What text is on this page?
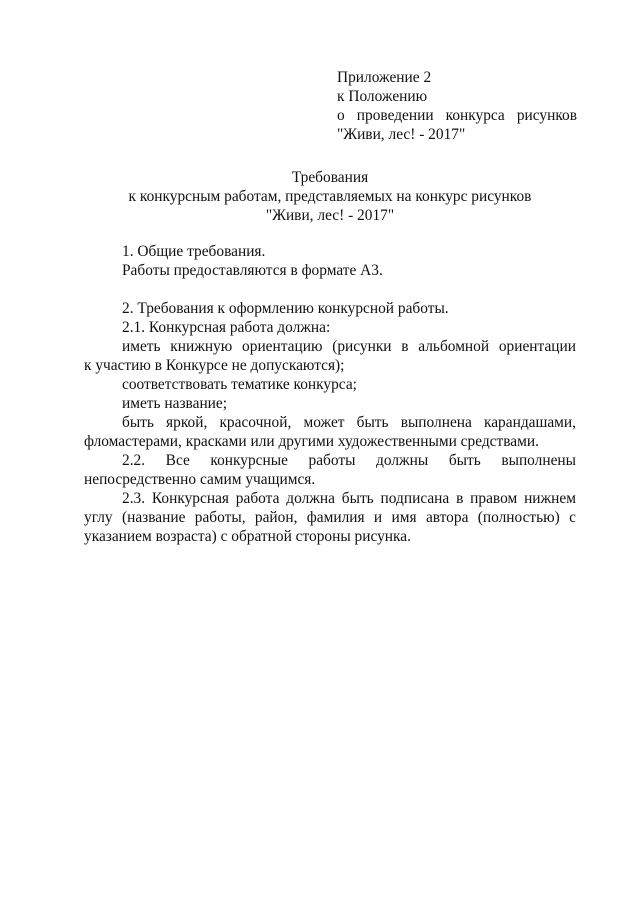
Приложение 2
к Положению
о проведении конкурса рисунков
"Живи, лес! - 2017"
Требования
к конкурсным работам, представляемых на конкурс рисунков
"Живи, лес! - 2017"
1. Общие требования.
Работы предоставляются в формате А3.
2. Требования к оформлению конкурсной работы.
2.1. Конкурсная работа должна:
иметь книжную ориентацию (рисунки в альбомной ориентации
к участию в Конкурсе не допускаются);
соответствовать тематике конкурса;
иметь название;
быть яркой, красочной, может быть выполнена карандашами,
фломастерами, красками или другими художественными средствами.
2.2. Все конкурсные работы должны быть выполнены
непосредственно самим учащимся.
2.3. Конкурсная работа должна быть подписана в правом нижнем
углу (название работы, район, фамилия и имя автора (полностью) с
указанием возраста) с обратной стороны рисунка.
